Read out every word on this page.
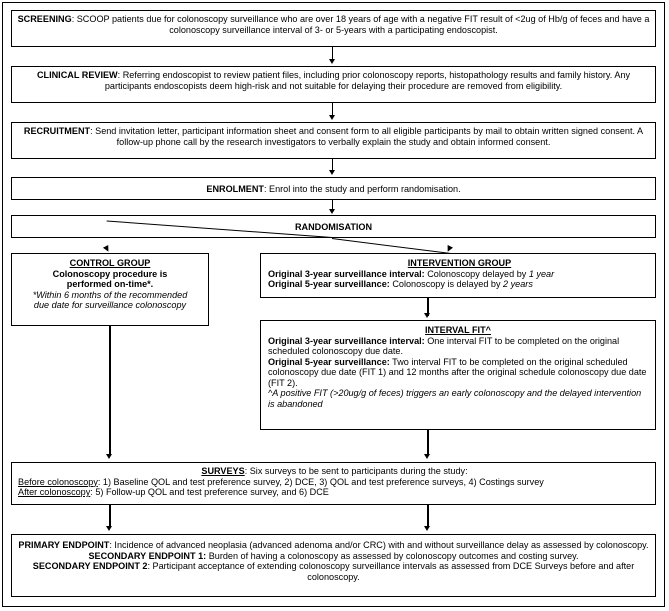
SCREENING: SCOOP patients due for colonoscopy surveillance who are over 18 years of age with a negative FIT result of <2ug of Hb/g of feces and have a colonoscopy surveillance interval of 3- or 5-years with a participating endoscopist.

CLINICAL REVIEW: Referring endoscopist to review patient files, including prior colonoscopy reports, histopathology results and family history. Any participants endoscopists deem high-risk and not suitable for delaying their procedure are removed from eligibility.

RECRUITMENT: Send invitation letter, participant information sheet and consent form to all eligible participants by mail to obtain written signed consent. A follow-up phone call by the research investigators to verbally explain the study and obtain informed consent.

ENROLMENT: Enrol into the study and perform randomisation.

RANDOMISATION

CONTROL GROUP

Colonoscopy procedure is

performed on-time*.

*Within 6 months of the recommended

due date for surveillance colonoscopy

INTERVENTION GROUP

Original 3-year surveillance interval: Colonoscopy delayed by 1 year

Original 5-year surveillance: Colonoscopy is delayed by 2 years

INTERVAL FIT^

Original 3-year surveillance interval: One interval FIT to be completed on the original scheduled colonoscopy due date.

Original 5-year surveillance: Two interval FIT to be completed on the original scheduled colonoscopy due date (FIT 1) and 12 months after the original schedule colonoscopy due date (FIT 2).

^A positive FIT (>20ug/g of feces) triggers an early colonoscopy and the delayed intervention is abandoned

SURVEYS: Six surveys to be sent to participants during the study:

Before colonoscopy: 1) Baseline QOL and test preference survey, 2) DCE, 3) QOL and test preference surveys, 4) Costings survey

After colonoscopy: 5) Follow-up QOL and test preference survey, and 6) DCE

PRIMARY ENDPOINT: Incidence of advanced neoplasia (advanced adenoma and/or CRC) with and without surveillance delay as assessed by colonoscopy.

SECONDARY ENDPOINT 1: Burden of having a colonoscopy as assessed by colonoscopy outcomes and costing survey.

SECONDARY ENDPOINT 2: Participant acceptance of extending colonoscopy surveillance intervals as assessed from DCE Surveys before and after colonoscopy.
